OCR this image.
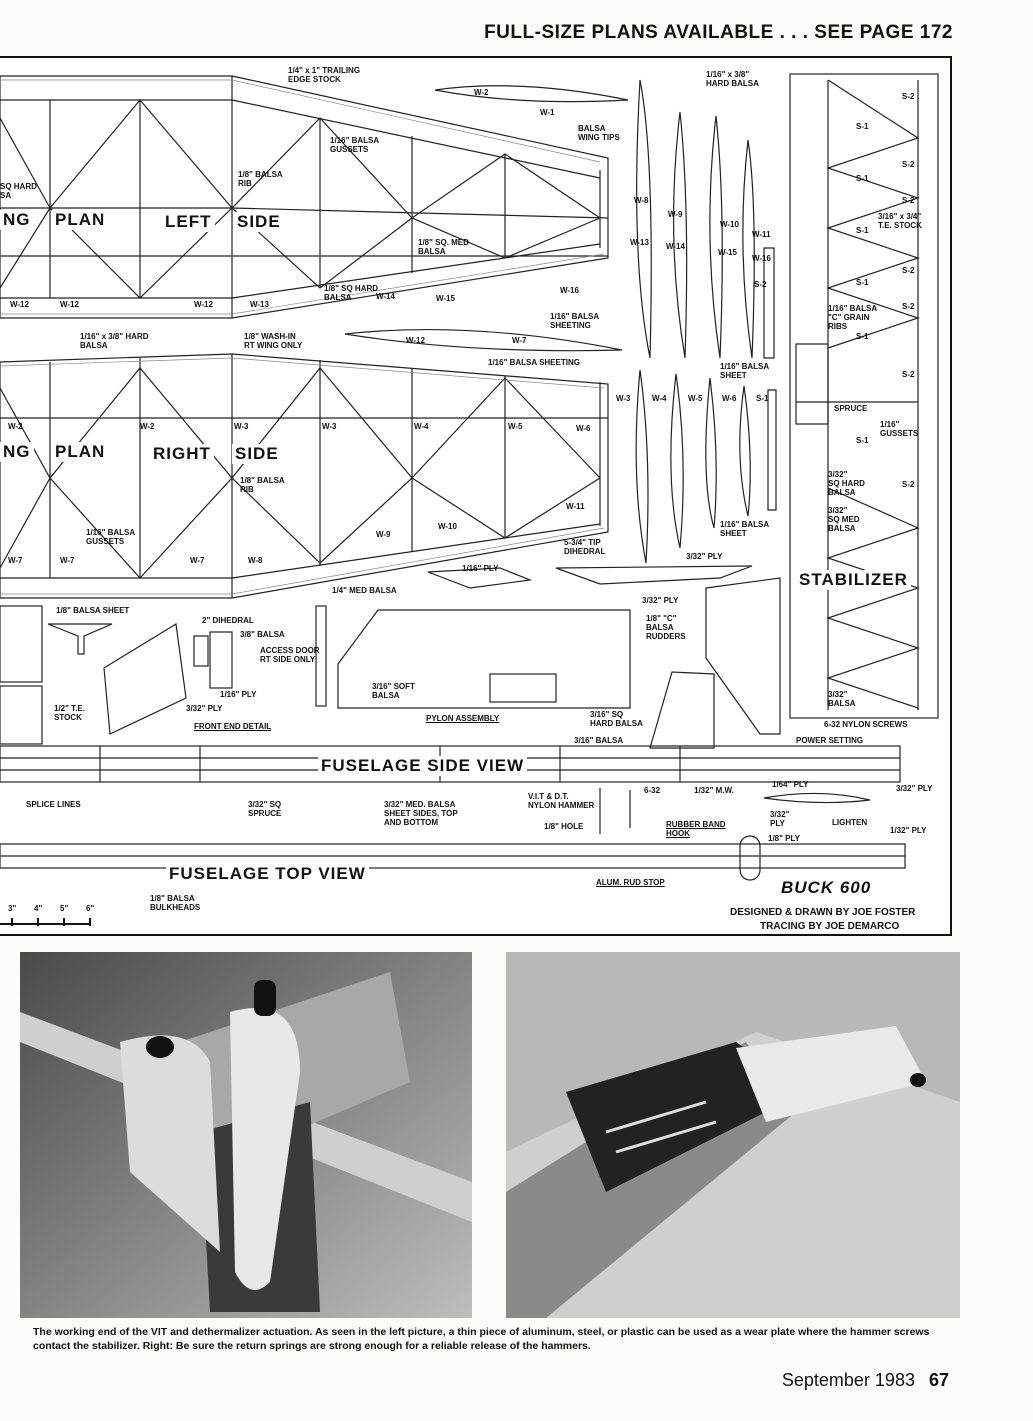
FULL-SIZE PLANS AVAILABLE . . . SEE PAGE 172
NG PLAN	LEFT SIDE
NG PLAN	RIGHT SIDE
STABILIZER
FUSELAGE SIDE VIEW
FUSELAGE TOP VIEW
BUCK 600
DESIGNED & DRAWN BY JOE FOSTER
TRACING BY JOE DEMARCO
1/4" x 1" TRAILING
EDGE STOCK
1/16" x 3/8"
HARD BALSA
1/16" BALSA
GUSSETS
1/8" BALSA
RIB
SQ HARD
SA
BALSA
WING TIPS
1/8" SQ. MED
BALSA
1/8" SQ HARD
BALSA
1/16" BALSA
SHEETING
1/16" x 3/8" HARD
BALSA
1/8" WASH-IN
RT WING ONLY
1/16" BALSA SHEETING
1/8" BALSA
RIB
1/16" BALSA
GUSSETS	5-3/4" TIP
DIHEDRAL
1/16" PLY
3/32" PLY
3/32" PLY
1/4" MED BALSA
1/8" BALSA SHEET
2" DIHEDRAL
3/8" BALSA
ACCESS DOOR
RT SIDE ONLY
1/16" PLY
3/32" PLY
1/2" T.E.
STOCK
FRONT END DETAIL
3/16" SOFT
BALSA
PYLON ASSEMBLY	3/16" SQ
HARD BALSA
3/16" BALSA
1/8" "C"
BALSA
RUDDERS
6-32 NYLON SCREWS
POWER SETTING
SPLICE LINES	3/32" SQ
SPRUCE
3/32" MED. BALSA
SHEET SIDES, TOP
AND BOTTOM
V.I.T & D.T.
NYLON HAMMER
1/8" HOLE
6-32	1/32" M.W.
1/64" PLY	3/32" PLY
3/32"
PLY	LIGHTEN
1/32" PLY
RUBBER BAND
HOOK
1/8" PLY
ALUM. RUD STOP
1/8" BALSA
BULKHEADS
3/16" x 3/4"
T.E. STOCK
1/16" BALSA
"C" GRAIN
RIBS
1/16" BALSA
SHEET
SPRUCE
1/16"
GUSSETS
3/32"
SQ HARD
BALSA
3/32"
SQ MED
BALSA
1/16" BALSA
SHEET
3/32"
BALSA
W-12	W-12	W-12	W-13
W-14	W-15
W-16
W-2	W-2	W-3	W-3	W-4	W-5	W-6
W-7	W-7	W-7	W-8
W-9
W-10
W-11
W-2
W-1
W-12	W-7
W-8
W-13
W-9
W-14
W-10
W-15
W-11
W-16
S-2
W-3	W-4	W-5 W-6 S-1
S-2
S-1
S-2
S-1
S-2
S-1
S-2
S-1
S-2
S-1
S-2
S-1
S-2
3" 4" 5" 6"
The working end of the VIT and dethermalizer actuation. As seen in the left picture, a thin piece of aluminum, steel, or plastic can be used as a wear plate where the hammer screws contact the stabilizer. Right: Be sure the return springs are strong enough for a reliable release of the hammers.
September 1983 67
